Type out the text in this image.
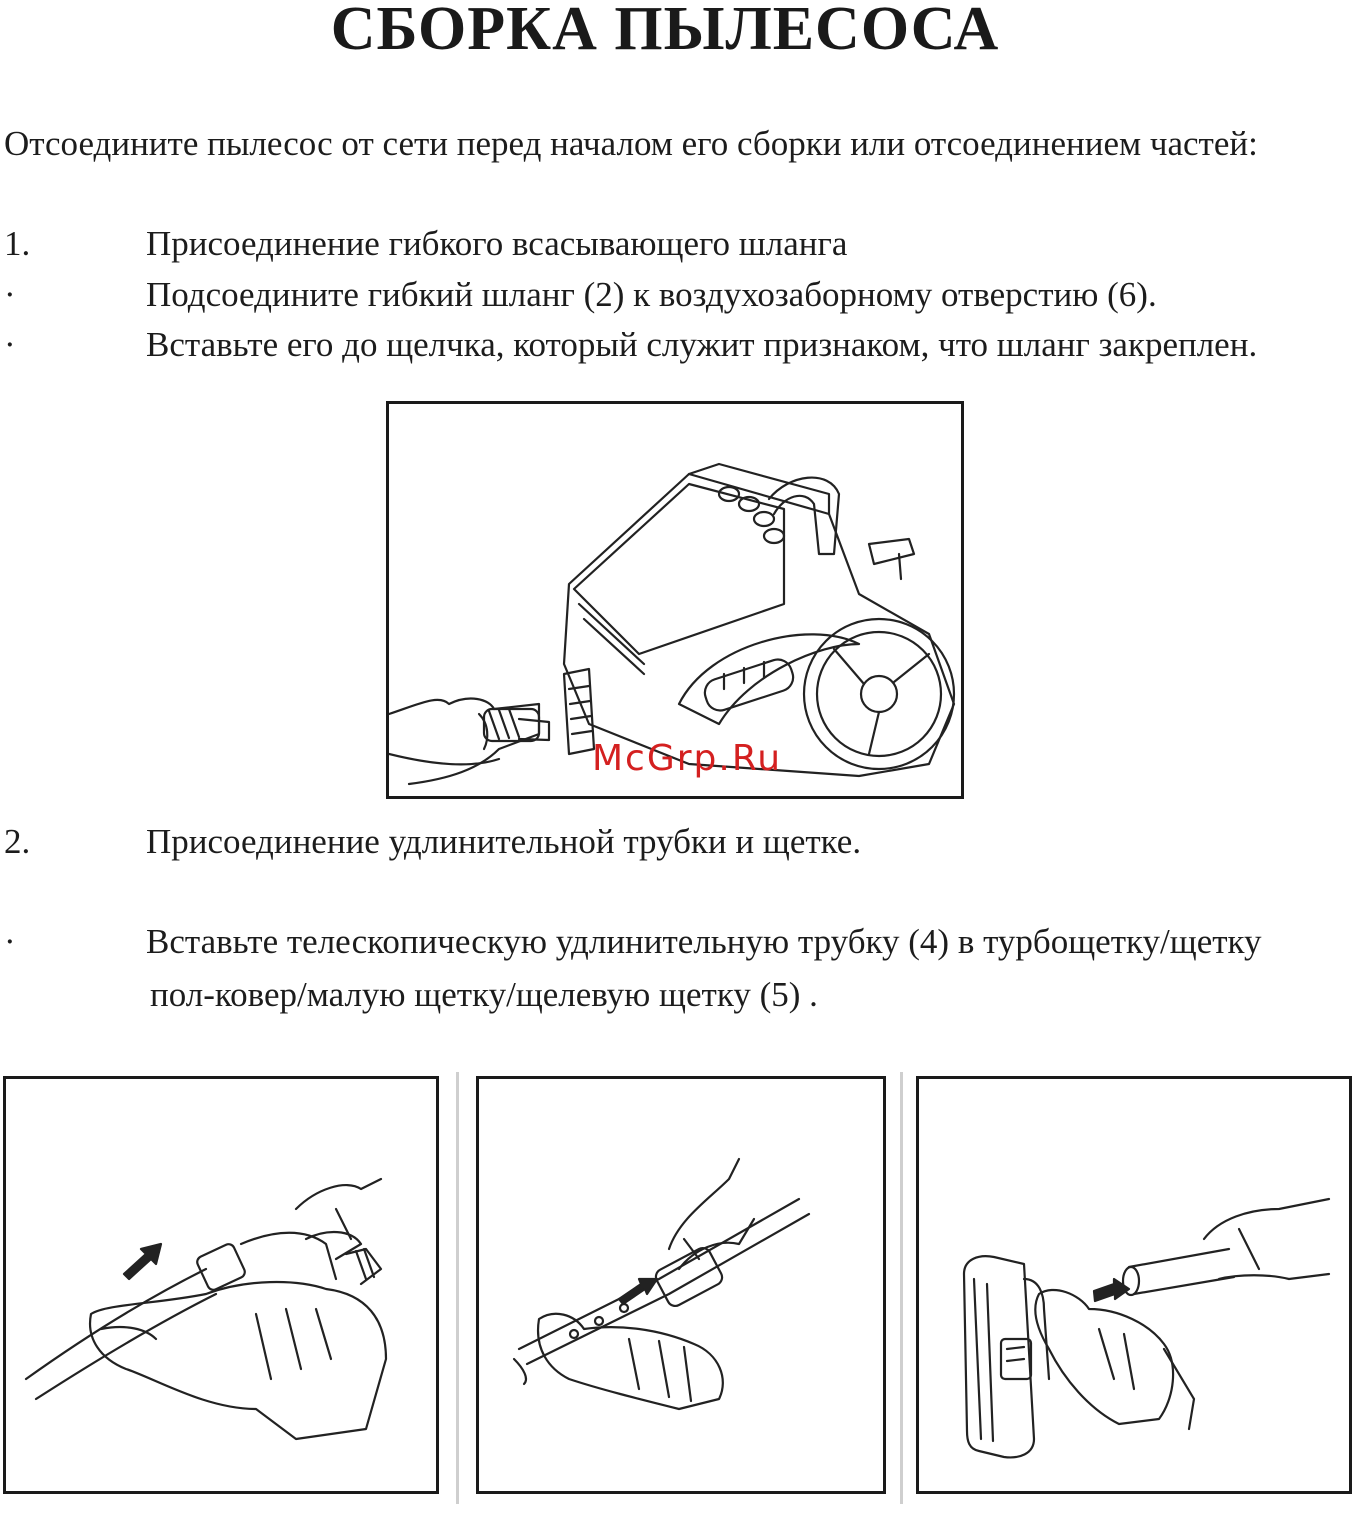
СБОРКА ПЫЛЕСОСА
Отсоедините пылесос от сети перед началом его сборки или отсоединением частей:
1.	Присоединение гибкого всасывающего шланга
·	Подсоедините гибкий шланг (2) к воздухозаборному отверстию (6).
·	Вставьте его до щелчка, который служит признаком, что шланг закреплен.
McGrp.Ru
2.	Присоединение удлинительной трубки и щетке.
·	Вставьте телескопическую удлинительную трубку (4) в турбощетку/щетку
пол-ковер/малую щетку/щелевую щетку (5) .
